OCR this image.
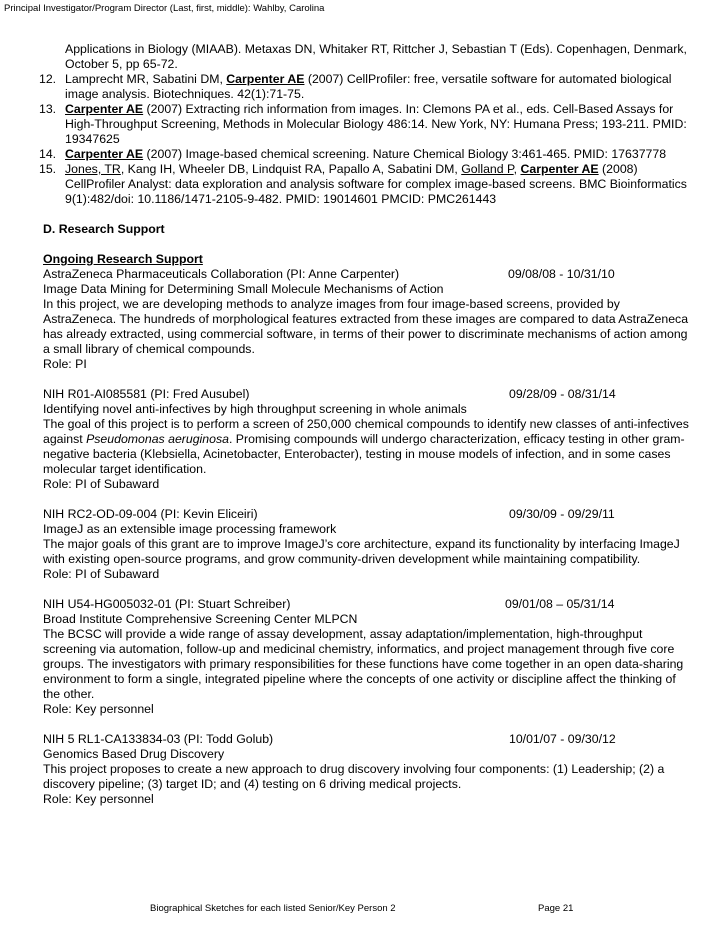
Principal Investigator/Program Director (Last, first, middle): Wahlby, Carolina
Applications in Biology (MIAAB). Metaxas DN, Whitaker RT, Rittcher J, Sebastian T (Eds). Copenhagen, Denmark, October 5, pp 65-72.
12. Lamprecht MR, Sabatini DM, Carpenter AE (2007) CellProfiler: free, versatile software for automated biological image analysis. Biotechniques. 42(1):71-75.
13. Carpenter AE (2007) Extracting rich information from images. In: Clemons PA et al., eds. Cell-Based Assays for High-Throughput Screening, Methods in Molecular Biology 486:14. New York, NY: Humana Press; 193-211. PMID: 19347625
14. Carpenter AE (2007) Image-based chemical screening. Nature Chemical Biology 3:461-465. PMID: 17637778
15. Jones, TR, Kang IH, Wheeler DB, Lindquist RA, Papallo A, Sabatini DM, Golland P, Carpenter AE (2008) CellProfiler Analyst: data exploration and analysis software for complex image-based screens. BMC Bioinformatics 9(1):482/doi: 10.1186/1471-2105-9-482. PMID: 19014601 PMCID: PMC261443
D. Research Support
Ongoing Research Support
AstraZeneca Pharmaceuticals Collaboration (PI: Anne Carpenter)	09/08/08 - 10/31/10

Image Data Mining for Determining Small Molecule Mechanisms of Action

In this project, we are developing methods to analyze images from four image-based screens, provided by AstraZeneca. The hundreds of morphological features extracted from these images are compared to data AstraZeneca has already extracted, using commercial software, in terms of their power to discriminate mechanisms of action among a small library of chemical compounds.

Role: PI

NIH R01-AI085581 (PI: Fred Ausubel)	09/28/09 - 08/31/14

Identifying novel anti-infectives by high throughput screening in whole animals

The goal of this project is to perform a screen of 250,000 chemical compounds to identify new classes of anti-infectives against Pseudomonas aeruginosa. Promising compounds will undergo characterization, efficacy testing in other gram-negative bacteria (Klebsiella, Acinetobacter, Enterobacter), testing in mouse models of infection, and in some cases molecular target identification.

Role: PI of Subaward

NIH RC2-OD-09-004 (PI: Kevin Eliceiri)	09/30/09 - 09/29/11

ImageJ as an extensible image processing framework

The major goals of this grant are to improve ImageJ’s core architecture, expand its functionality by interfacing ImageJ with existing open-source programs, and grow community-driven development while maintaining compatibility.

Role: PI of Subaward

NIH U54-HG005032-01 (PI: Stuart Schreiber)	09/01/08 – 05/31/14

Broad Institute Comprehensive Screening Center MLPCN

The BCSC will provide a wide range of assay development, assay adaptation/implementation, high-throughput screening via automation, follow-up and medicinal chemistry, informatics, and project management through five core groups. The investigators with primary responsibilities for these functions have come together in an open data-sharing environment to form a single, integrated pipeline where the concepts of one activity or discipline affect the thinking of the other.

Role: Key personnel

NIH 5 RL1-CA133834-03 (PI: Todd Golub)	10/01/07 - 09/30/12

Genomics Based Drug Discovery

This project proposes to create a new approach to drug discovery involving four components: (1) Leadership; (2) a discovery pipeline; (3) target ID; and (4) testing on 6 driving medical projects.

Role: Key personnel

Biographical Sketches for each listed Senior/Key Person 2	Page 21
